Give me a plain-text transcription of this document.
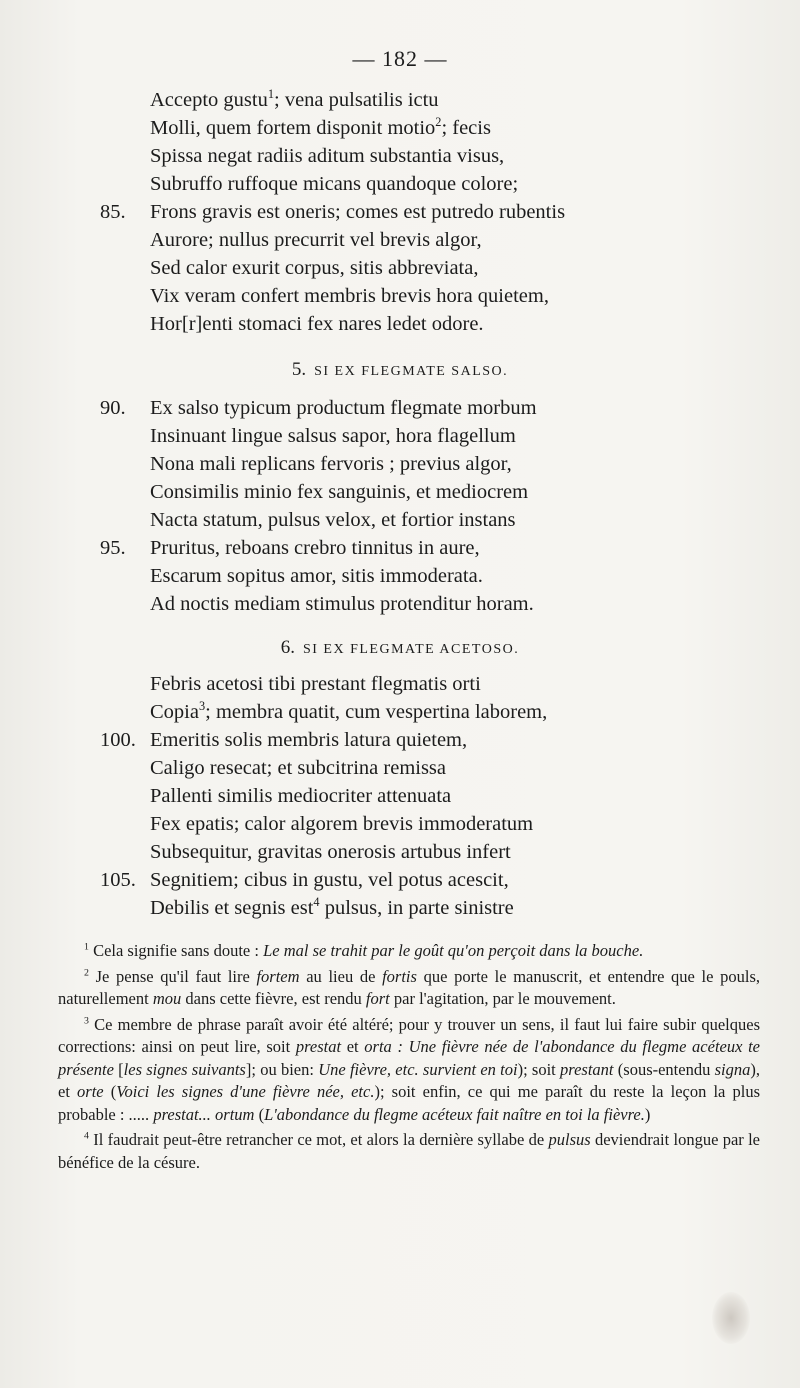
— 182 —
Accepto gustu$^1$; vena pulsatilis ictu
Molli, quem fortem disponit motio$^2$; fecis
Spissa negat radiis aditum substantia visus,
Subruffo ruffoque micans quandoque colore;
85.	Frons gravis est oneris; comes est putredo rubentis
Aurore; nullus precurrit vel brevis algor,
Sed calor exurit corpus, sitis abbreviata,
Vix veram confert membris brevis hora quietem,
Hor[r]enti stomaci fex nares ledet odore.
5. SI EX FLEGMATE SALSO.
90.	Ex salso typicum productum flegmate morbum
Insinuant lingue salsus sapor, hora flagellum
Nona mali replicans fervoris ; previus algor,
Consimilis minio fex sanguinis, et mediocrem
Nacta statum, pulsus velox, et fortior instans
95.	Pruritus, reboans crebro tinnitus in aure,
Escarum sopitus amor, sitis immoderata.
Ad noctis mediam stimulus protenditur horam.
6. SI EX FLEGMATE ACETOSO.
Febris acetosi tibi prestant flegmatis orti
Copia$^3$; membra quatit, cum vespertina laborem,
100. Emeritis solis membris latura quietem,
Caligo resecat; et subcitrina remissa
Pallenti similis mediocriter attenuata
Fex epatis; calor algorem brevis immoderatum
Subsequitur, gravitas onerosis artubus infert
105. Segnitiem; cibus in gustu, vel potus acescit,
Debilis et segnis est$^4$ pulsus, in parte sinistre

$^1$ Cela signifie sans doute : Le mal se trahit par le goût qu'on perçoit dans la bouche.

$^2$ Je pense qu'il faut lire fortem au lieu de fortis que porte le manuscrit, et entendre que le pouls, naturellement mou dans cette fièvre, est rendu fort par l'agitation, par le mouvement.

$^3$ Ce membre de phrase paraît avoir été altéré; pour y trouver un sens, il faut lui faire subir quelques corrections: ainsi on peut lire, soit prestat et orta : Une fièvre née de l'abondance du flegme acéteux te présente [les signes suivants]; ou bien: Une fièvre, etc. survient en toi); soit prestant (sous-entendu signa), et orte (Voici les signes d'une fièvre née, etc.); soit enfin, ce qui me paraît du reste la leçon la plus probable : ..... prestat... ortum (L'abondance du flegme acéteux fait naître en toi la fièvre.)

$^4$ Il faudrait peut-être retrancher ce mot, et alors la dernière syllabe de pulsus deviendrait longue par le bénéfice de la césure.
